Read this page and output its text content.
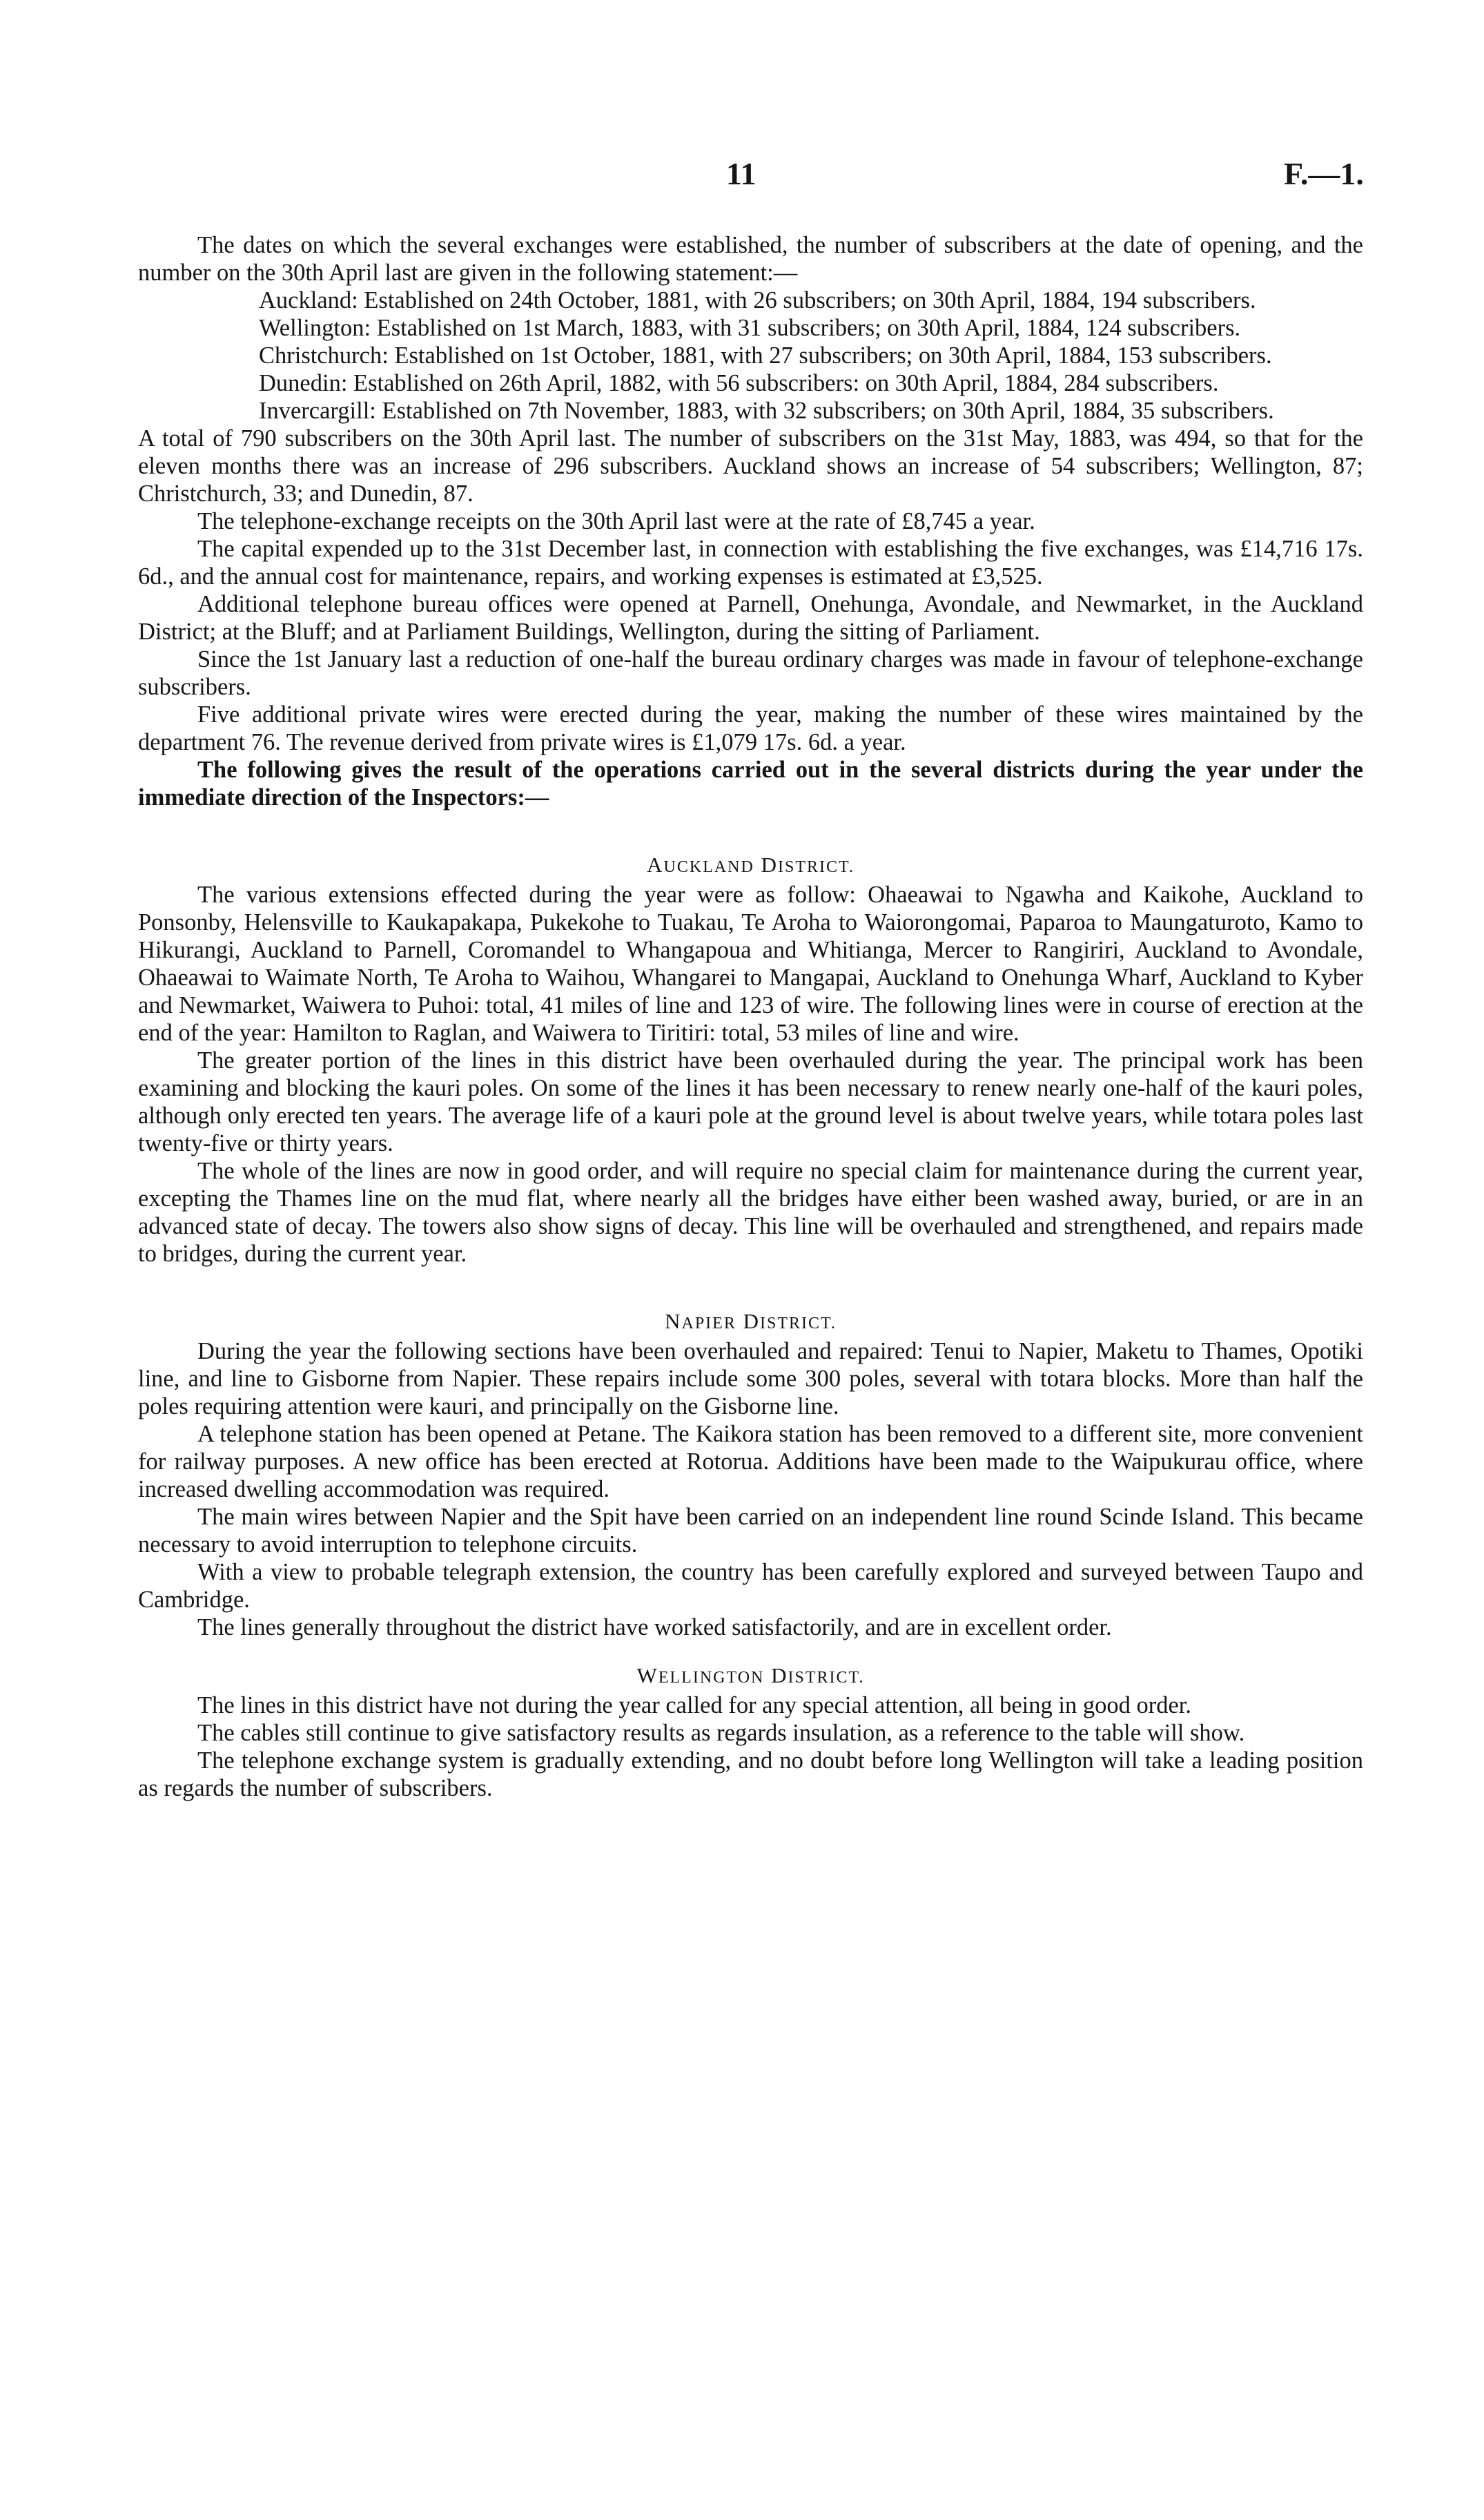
11	F.—1.

The dates on which the several exchanges were established, the number of subscribers at the date of opening, and the number on the 30th April last are given in the following statement:—

Auckland: Established on 24th October, 1881, with 26 subscribers; on 30th April, 1884, 194 subscribers.

Wellington: Established on 1st March, 1883, with 31 subscribers; on 30th April, 1884, 124 subscribers.

Christchurch: Established on 1st October, 1881, with 27 subscribers; on 30th April, 1884, 153 subscribers.

Dunedin: Established on 26th April, 1882, with 56 subscribers: on 30th April, 1884, 284 subscribers.

Invercargill: Established on 7th November, 1883, with 32 subscribers; on 30th April, 1884, 35 subscribers.

A total of 790 subscribers on the 30th April last. The number of subscribers on the 31st May, 1883, was 494, so that for the eleven months there was an increase of 296 subscribers. Auckland shows an increase of 54 subscribers; Wellington, 87; Christchurch, 33; and Dunedin, 87.

The telephone-exchange receipts on the 30th April last were at the rate of £8,745 a year.

The capital expended up to the 31st December last, in connection with establishing the five exchanges, was £14,716 17s. 6d., and the annual cost for maintenance, repairs, and working expenses is estimated at £3,525.

Additional telephone bureau offices were opened at Parnell, Onehunga, Avondale, and Newmarket, in the Auckland District; at the Bluff; and at Parliament Buildings, Wellington, during the sitting of Parliament.

Since the 1st January last a reduction of one-half the bureau ordinary charges was made in favour of telephone-exchange subscribers.

Five additional private wires were erected during the year, making the number of these wires maintained by the department 76. The revenue derived from private wires is £1,079 17s. 6d. a year.

The following gives the result of the operations carried out in the several districts during the year under the immediate direction of the Inspectors:—

AUCKLAND DISTRICT.

The various extensions effected during the year were as follow: Ohaeawai to Ngawha and Kaikohe, Auckland to Ponsonby, Helensville to Kaukapakapa, Pukekohe to Tuakau, Te Aroha to Waiorongomai, Paparoa to Maungaturoto, Kamo to Hikurangi, Auckland to Parnell, Coromandel to Whangapoua and Whitianga, Mercer to Rangiriri, Auckland to Avondale, Ohaeawai to Waimate North, Te Aroha to Waihou, Whangarei to Mangapai, Auckland to Onehunga Wharf, Auckland to Kyber and Newmarket, Waiwera to Puhoi: total, 41 miles of line and 123 of wire. The following lines were in course of erection at the end of the year: Hamilton to Raglan, and Waiwera to Tiritiri: total, 53 miles of line and wire.

The greater portion of the lines in this district have been overhauled during the year. The principal work has been examining and blocking the kauri poles. On some of the lines it has been necessary to renew nearly one-half of the kauri poles, although only erected ten years. The average life of a kauri pole at the ground level is about twelve years, while totara poles last twenty-five or thirty years.

The whole of the lines are now in good order, and will require no special claim for maintenance during the current year, excepting the Thames line on the mud flat, where nearly all the bridges have either been washed away, buried, or are in an advanced state of decay. The towers also show signs of decay. This line will be overhauled and strengthened, and repairs made to bridges, during the current year.

NAPIER DISTRICT.

During the year the following sections have been overhauled and repaired: Tenui to Napier, Maketu to Thames, Opotiki line, and line to Gisborne from Napier. These repairs include some 300 poles, several with totara blocks. More than half the poles requiring attention were kauri, and principally on the Gisborne line.

A telephone station has been opened at Petane. The Kaikora station has been removed to a different site, more convenient for railway purposes. A new office has been erected at Rotorua. Additions have been made to the Waipukurau office, where increased dwelling accommodation was required.

The main wires between Napier and the Spit have been carried on an independent line round Scinde Island. This became necessary to avoid interruption to telephone circuits.

With a view to probable telegraph extension, the country has been carefully explored and surveyed between Taupo and Cambridge.

The lines generally throughout the district have worked satisfactorily, and are in excellent order.

WELLINGTON DISTRICT.

The lines in this district have not during the year called for any special attention, all being in good order.

The cables still continue to give satisfactory results as regards insulation, as a reference to the table will show.

The telephone exchange system is gradually extending, and no doubt before long Wellington will take a leading position as regards the number of subscribers.
